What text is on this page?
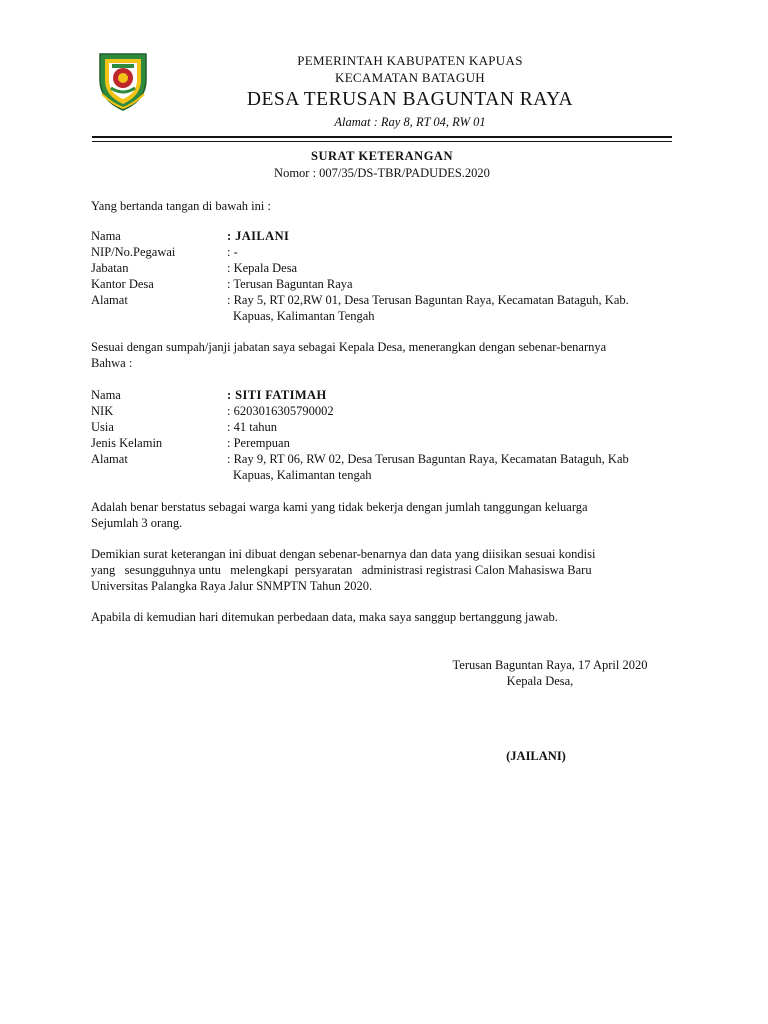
PEMERINTAH KABUPATEN KAPUAS
KECAMATAN BATAGUH
DESA TERUSAN BAGUNTAN RAYA
Alamat : Ray 8, RT 04, RW 01
SURAT KETERANGAN
Nomor : 007/35/DS-TBR/PADUDES.2020
Yang bertanda tangan di bawah ini :
Nama	: JAILANI
NIP/No.Pegawai	: -
Jabatan	: Kepala Desa
Kantor Desa	: Terusan Baguntan Raya
Alamat	: Ray 5, RT 02,RW 01, Desa Terusan Baguntan Raya, Kecamatan Bataguh, Kab.
Kapuas, Kalimantan Tengah
Sesuai dengan sumpah/janji jabatan saya sebagai Kepala Desa, menerangkan dengan sebenar-benarnya
Bahwa :
Nama	: SITI FATIMAH
NIK	: 6203016305790002
Usia	: 41 tahun
Jenis Kelamin	: Perempuan
Alamat	: Ray 9, RT 06, RW 02, Desa Terusan Baguntan Raya, Kecamatan Bataguh, Kab
Kapuas, Kalimantan tengah
Adalah benar berstatus sebagai warga kami yang tidak bekerja dengan jumlah tanggungan keluarga
Sejumlah 3 orang.
Demikian surat keterangan ini dibuat dengan sebenar-benarnya dan data yang diisikan sesuai kondisi
yang   sesungguhnya untu   melengkapi  persyaratan   administrasi registrasi Calon Mahasiswa Baru
Universitas Palangka Raya Jalur SNMPTN Tahun 2020.
Apabila di kemudian hari ditemukan perbedaan data, maka saya sanggup bertanggung jawab.
Terusan Baguntan Raya, 17 April 2020
Kepala Desa,
(JAILANI)
